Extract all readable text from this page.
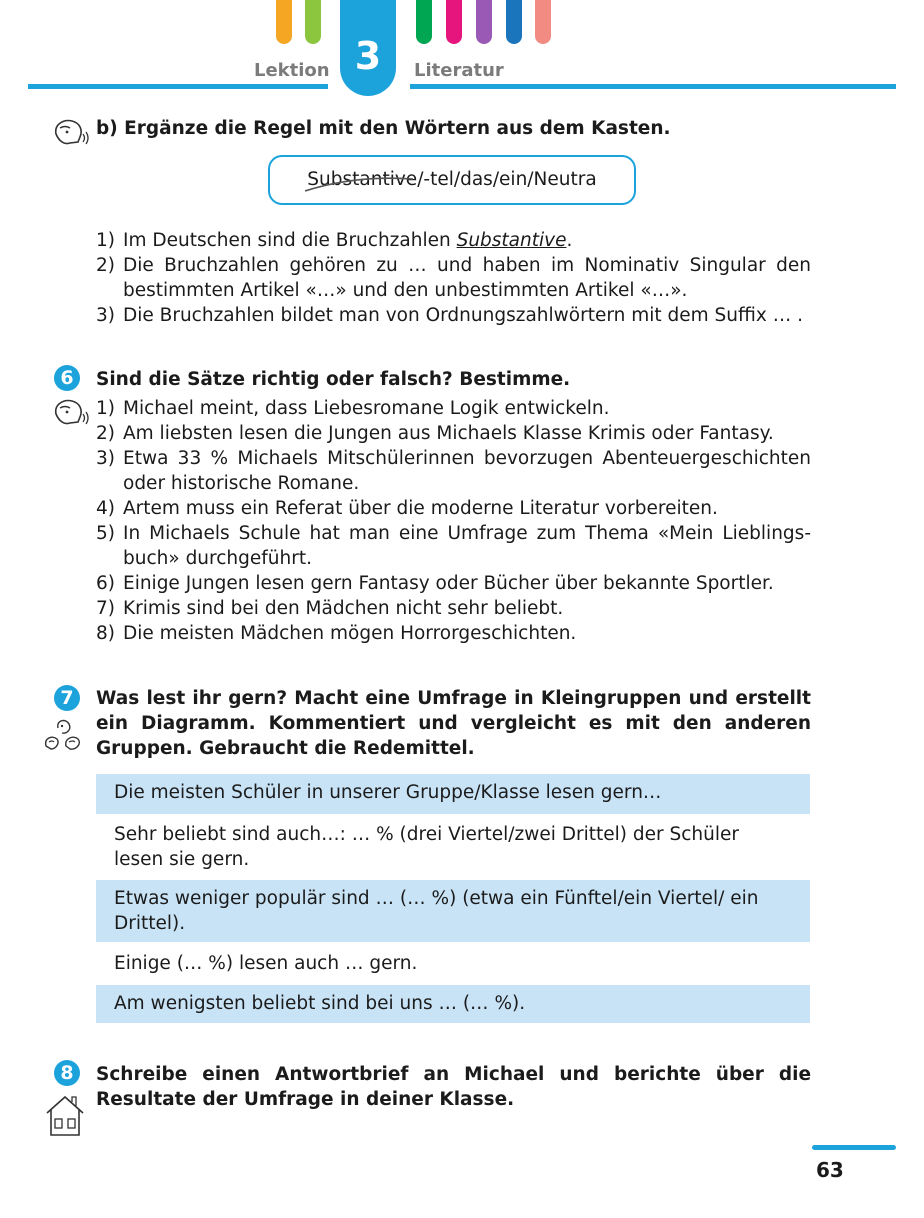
Lektion 3	Literatur
b) Ergänze die Regel mit den Wörtern aus dem Kasten.
Substantive
/-tel/das/ein/Neutra
1) Im Deutschen sind die Bruchzahlen Substantive.
2) Die Bruchzahlen gehören zu … und haben im Nominativ Singular den bestimmten Artikel «…» und den unbestimmten Artikel «…».
3) Die Bruchzahlen bildet man von Ordnungszahlwörtern mit dem Suffix … .
6	Sind die Sätze richtig oder falsch? Bestimme.
1) Michael meint, dass Liebesromane Logik entwickeln.
2) Am liebsten lesen die Jungen aus Michaels Klasse Krimis oder Fantasy.
3) Etwa 33 % Michaels Mitschülerinnen bevorzugen Abenteuergeschichten oder historische Romane.
4) Artem muss ein Referat über die moderne Literatur vorbereiten.
5) In Michaels Schule hat man eine Umfrage zum Thema «Mein Lieblingsbuch» durchgeführt.
6) Einige Jungen lesen gern Fantasy oder Bücher über bekannte Sportler.
7) Krimis sind bei den Mädchen nicht sehr beliebt.
8) Die meisten Mädchen mögen Horrorgeschichten.
7	Was lest ihr gern? Macht eine Umfrage in Kleingruppen und erstellt ein Diagramm. Kommentiert und vergleicht es mit den anderen Gruppen. Gebraucht die Redemittel.
Die meisten Schüler in unserer Gruppe/Klasse lesen gern…
Sehr beliebt sind auch…: … % (drei Viertel/zwei Drittel) der Schüler lesen sie gern.
Etwas weniger populär sind … (… %) (etwa ein Fünftel/ein Viertel/ ein Drittel).
Einige (… %) lesen auch … gern.
Am wenigsten beliebt sind bei uns … (… %).
8	Schreibe einen Antwortbrief an Michael und berichte über die Resultate der Umfrage in deiner Klasse.
63
